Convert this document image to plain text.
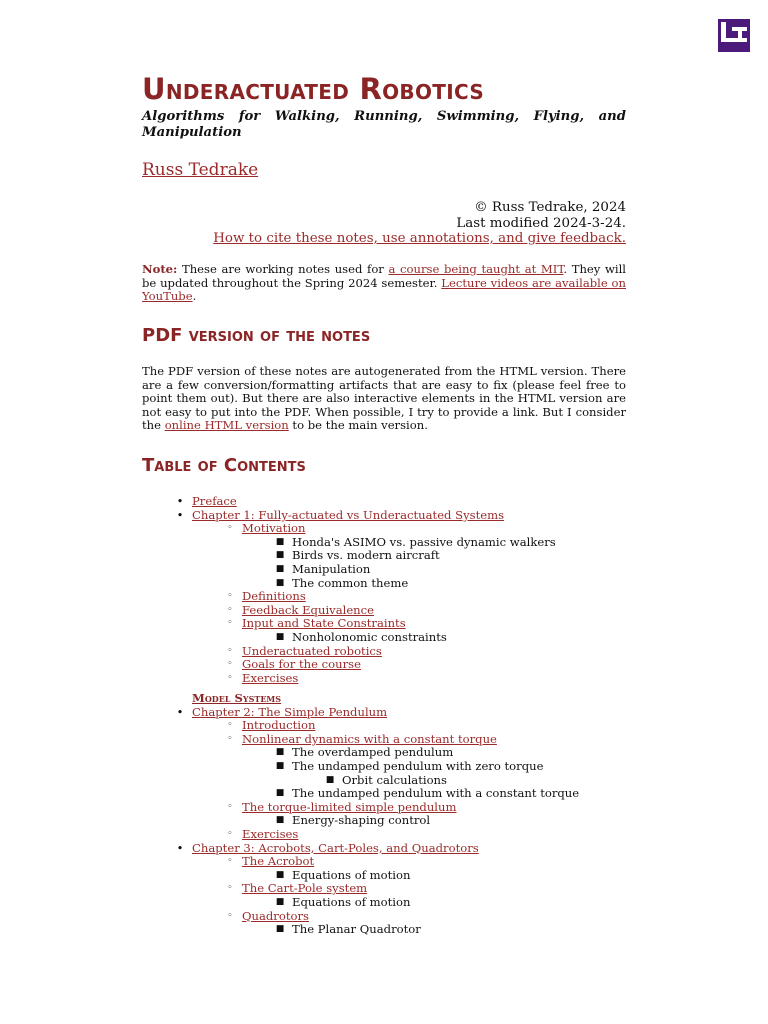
Underactuated Robotics

Algorithms for Walking, Running, Swimming, Flying, and Manipulation

Russ Tedrake
© Russ Tedrake, 2024
Last modified 2024-3-24.
How to cite these notes, use annotations, and give feedback.
Note: These are working notes used for a course being taught at MIT. They will be updated throughout the Spring 2024 semester. Lecture videos are available on YouTube.
PDF version of the notes
The PDF version of these notes are autogenerated from the HTML version. There are a few conversion/formatting artifacts that are easy to fix (please feel free to point them out). But there are also interactive elements in the HTML version are not easy to put into the PDF. When possible, I try to provide a link. But I consider the online HTML version to be the main version.
Table of Contents
• Preface
• Chapter 1: Fully-actuated vs Underactuated Systems
◦ Motivation
■ Honda's ASIMO vs. passive dynamic walkers
■ Birds vs. modern aircraft
■ Manipulation
■ The common theme
◦ Definitions
◦ Feedback Equivalence
◦ Input and State Constraints
■ Nonholonomic constraints
◦ Underactuated robotics
◦ Goals for the course
◦ Exercises
Model Systems
• Chapter 2: The Simple Pendulum
◦ Introduction
◦ Nonlinear dynamics with a constant torque
■ The overdamped pendulum
■ The undamped pendulum with zero torque
■ Orbit calculations
■ The undamped pendulum with a constant torque
◦ The torque-limited simple pendulum
■ Energy-shaping control
◦ Exercises
• Chapter 3: Acrobots, Cart-Poles, and Quadrotors
◦ The Acrobot
■ Equations of motion
◦ The Cart-Pole system
■ Equations of motion
◦ Quadrotors
■ The Planar Quadrotor
